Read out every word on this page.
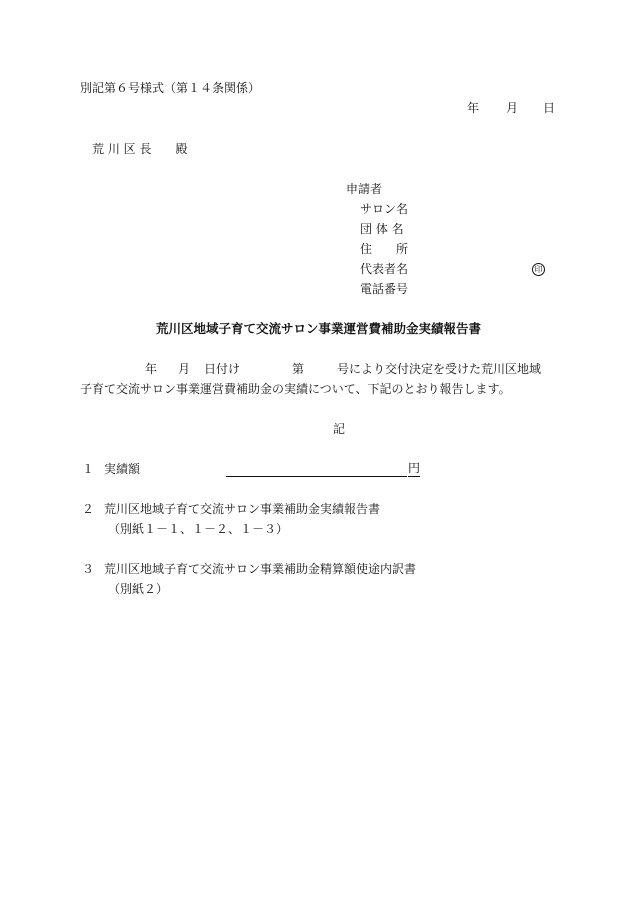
別記第６号様式（第１４条関係）
年 月 日
荒 川 区 長　　殿
申請者
サロン名
団 体 名
住　　所
代表者名	印
電話番号
荒川区地域子育て交流サロン事業運営費補助金実績報告書
年 月 日付け	第	号により交付決定を受けた荒川区地域
子育て交流サロン事業運営費補助金の実績について、下記のとおり報告します。
記
１ 実績額	円
２ 荒川区地域子育て交流サロン事業補助金実績報告書
（別紙１－１、１－２、１－３）
３ 荒川区地域子育て交流サロン事業補助金精算額使途内訳書
（別紙２）
